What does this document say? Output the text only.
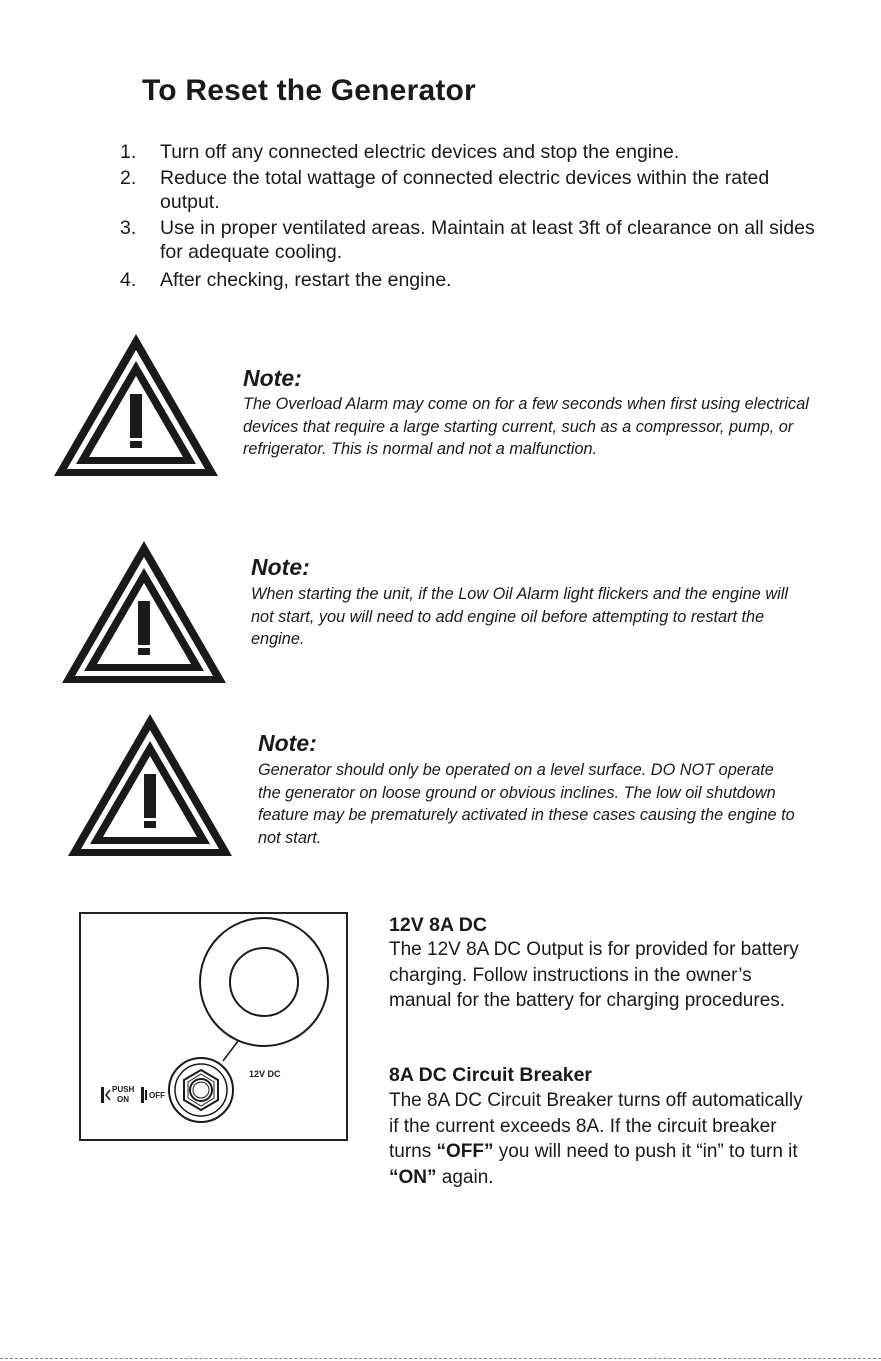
To Reset the Generator
1. Turn off any connected electric devices and stop the engine.
2. Reduce the total wattage of connected electric devices within the rated output.
3. Use in proper ventilated areas. Maintain at least 3ft of clearance on all sides for adequate cooling.
4. After checking, restart the engine.

Note:

The Overload Alarm may come on for a few seconds when first using electrical devices that require a large starting current, such as a compressor, pump, or refrigerator. This is normal and not a malfunction.

Note:

When starting the unit, if the Low Oil Alarm light flickers and the engine will not start, you will need to add engine oil before attempting to restart the engine.

Note:

Generator should only be operated on a level surface. DO NOT operate the generator on loose ground or obvious inclines. The low oil shutdown feature may be prematurely activated in these cases causing the engine to not start.

12V DC
PUSH
ON	OFF

12V 8A DC

The 12V 8A DC Output is for provided for battery charging. Follow instructions in the owner’s manual for the battery for charging procedures.

8A DC Circuit Breaker

The 8A DC Circuit Breaker turns off automatically if the current exceeds 8A. If the circuit breaker turns “OFF” you will need to push it “in” to turn it “ON” again.
